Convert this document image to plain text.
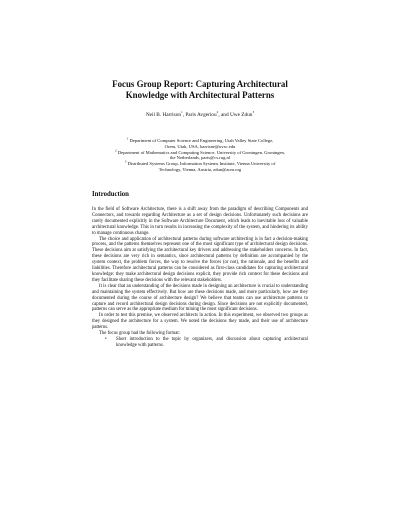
Focus Group Report: Capturing Architectural
Knowledge with Architectural Patterns
Neil B. Harrison$^1$, Paris Avgeriou$^2$, and Uwe Zdun$^3$

$^1$ Department of Computer Science and Engineering, Utah Valley State College,
Orem, Utah, USA, harrisne@uvsc.edu

$^2$ Department of Mathematics and Computing Science, University of Groningen, Groningen,
the Netherlands, paris@cs.rug.nl

$^3$ Distributed Systems Group, Information Systems Institute, Vienna University of
Technology, Vienna, Austria, zdun@acm.org

Introduction

In the field of Software Architecture, there is a shift away from the paradigm of describing Components and Connectors, and towards regarding Architecture as a set of design decisions. Unfortunately such decisions are rarely documented explicitly in the Software Architecture Document, which leads to inevitable loss of valuable architectural knowledge. This in turn results in increasing the complexity of the system, and hindering its ability to manage continuous change.

The choice and application of architectural patterns during software architecting is in fact a decision-making process, and the patterns themselves represent one of the most significant type of architectural design decisions. These decisions aim at satisfying the architectural key drivers and addressing the stakeholders concerns. In fact, these decisions are very rich in semantics, since architectural patterns by definition are accompanied by the system context, the problem forces, the way to resolve the forces (or not), the rationale, and the benefits and liabilities. Therefore architectural patterns can be considered as first-class candidates for capturing architectural knowledge: they make architectural design decisions explicit, they provide rich context for these decisions and they facilitate sharing these decisions with the relevant stakeholders.

It is clear that an understanding of the decisions made in designing an architecture is crucial to understanding and maintaining the system effectively. But how are these decisions made, and more particularly, how are they documented during the course of architecture design? We believe that teams can use architecture patterns to capture and record architectural design decisions during design. Since decisions are not explicitly documented, patterns can serve as the appropriate medium for mining the most significant decisions.

In order to test this premise, we observed architects in action. In this experiment, we observed two groups as they designed the architecture for a system. We noted the decisions they made, and their use of architecture patterns.

The focus group had the following format:

• Short introduction to the topic by organizers, and discussion about capturing architectural knowledge with patterns.
